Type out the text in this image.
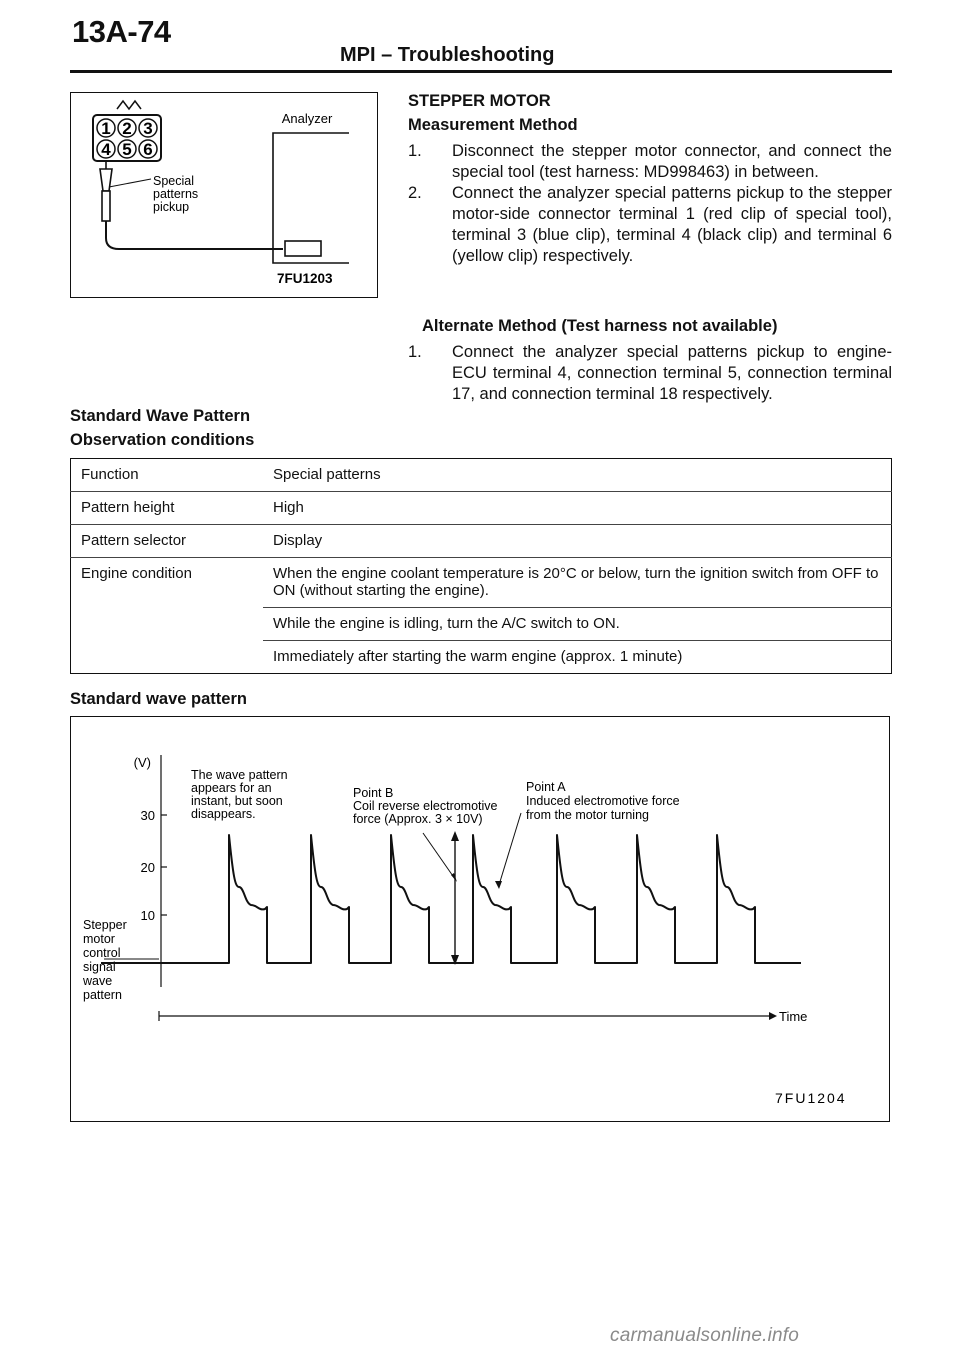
13A-74
MPI – Troubleshooting
1 2 3
4 5 6
Analyzer
Special
patterns
pickup
7FU1203
STEPPER MOTOR
Measurement Method
1. Disconnect the stepper motor connector, and connect the special tool (test harness: MD998463) in between.
2. Connect the analyzer special patterns pickup to the stepper motor-side connector terminal 1 (red clip of special tool), terminal 3 (blue clip), terminal 4 (black clip) and terminal 6 (yellow clip) respectively.
Alternate Method (Test harness not available)
1. Connect the analyzer special patterns pickup to engine-ECU terminal 4, connection terminal 5, connection terminal 17, and connection terminal 18 respectively.
Standard Wave Pattern
Observation conditions
Function	Special patterns
Pattern height	High
Pattern selector	Display
Engine condition	When the engine coolant temperature is 20°C or below, turn the ignition switch from OFF to ON (without starting the engine).
	While the engine is idling, turn the A/C switch to ON.
	Immediately after starting the warm engine (approx. 1 minute)
Standard wave pattern
(V)
30
20
10
Time
Stepper motor control signal wave pattern
The wave pattern appears for an instant, but soon disappears.
Point B Coil reverse electromotive force (Approx. 3 × 10V)
Point A Induced electromotive force from the motor turning
7FU1204
carmanualsonline.info
